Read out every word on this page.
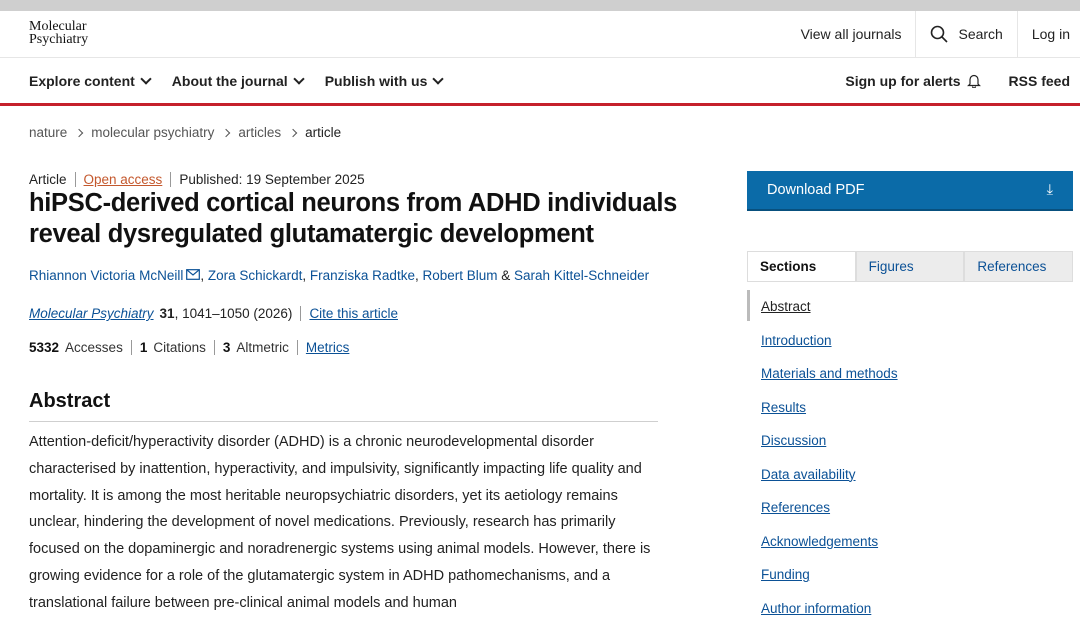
Molecular
Psychiatry	View all journals	Search	Log in
Explore content	About the journal	Publish with us	Sign up for alerts	RSS feed
nature molecular psychiatry articles article
Article Open access Published: 19 September 2025
hiPSC-derived cortical neurons from ADHD individuals reveal dysregulated glutamatergic development
Rhiannon Victoria McNeill , Zora Schickardt, Franziska Radtke, Robert Blum & Sarah Kittel-Schneider
Molecular Psychiatry 31 , 1041–1050 (2026) Cite this article
5332 Accesses 1 Citations 3 Altmetric Metrics
Abstract

Attention-deficit/hyperactivity disorder (ADHD) is a chronic neurodevelopmental disorder characterised by inattention, hyperactivity, and impulsivity, significantly impacting life quality and mortality. It is among the most heritable neuropsychiatric disorders, yet its aetiology remains unclear, hindering the development of novel medications. Previously, research has primarily focused on the dopaminergic and noradrenergic systems using animal models. However, there is growing evidence for a role of the glutamatergic system in ADHD pathomechanisms, and a translational failure between pre-clinical animal models and human

Download PDF	⤓
Sections	Figures	References
Abstract
Introduction
Materials and methods
Results
Discussion
Data availability
References
Acknowledgements
Funding
Author information
